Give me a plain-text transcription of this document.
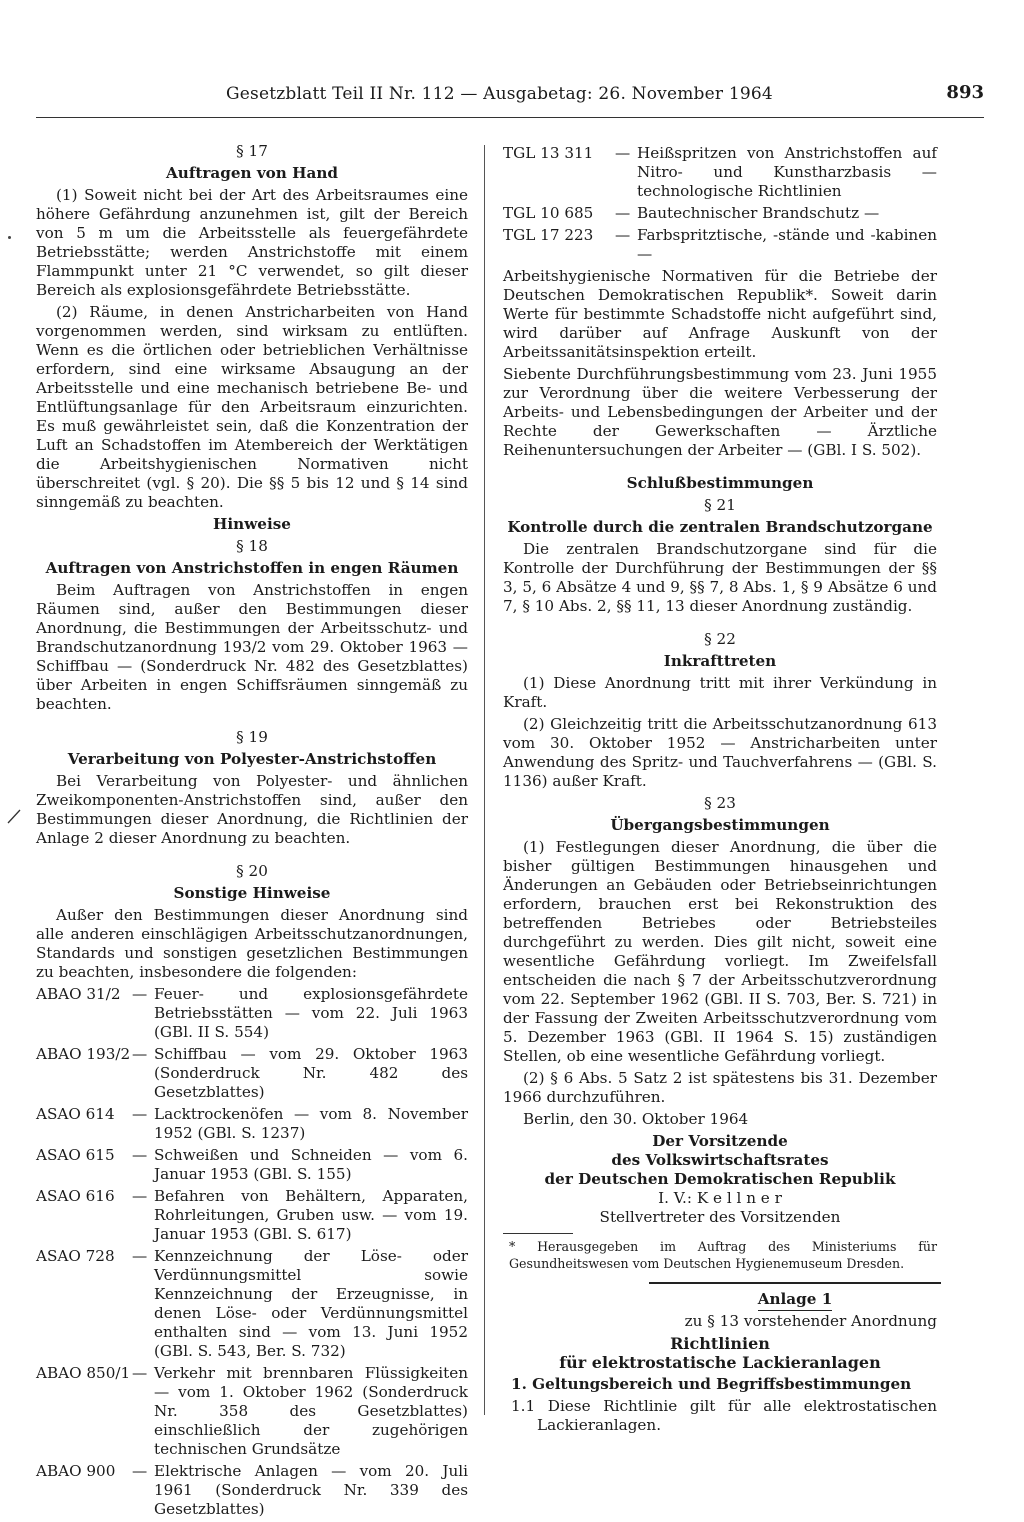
Gesetzblatt Teil II Nr. 112 — Ausgabetag: 26. November 1964	893

§ 17

Auftragen von Hand

(1) Soweit nicht bei der Art des Arbeitsraumes eine höhere Gefährdung anzunehmen ist, gilt der Bereich von 5 m um die Arbeitsstelle als feuergefährdete Betriebsstätte; werden Anstrichstoffe mit einem Flammpunkt unter 21 °C verwendet, so gilt dieser Bereich als explosionsgefährdete Betriebsstätte.

(2) Räume, in denen Anstricharbeiten von Hand vorgenommen werden, sind wirksam zu entlüften. Wenn es die örtlichen oder betrieblichen Verhältnisse erfordern, sind eine wirksame Absaugung an der Arbeitsstelle und eine mechanisch betriebene Be- und Entlüftungsanlage für den Arbeitsraum einzurichten. Es muß gewährleistet sein, daß die Konzentration der Luft an Schadstoffen im Atembereich der Werktätigen die Arbeitshygienischen Normativen nicht überschreitet (vgl. § 20). Die §§ 5 bis 12 und § 14 sind sinngemäß zu beachten.

Hinweise

§ 18

Auftragen von Anstrichstoffen in engen Räumen

Beim Auftragen von Anstrichstoffen in engen Räumen sind, außer den Bestimmungen dieser Anordnung, die Bestimmungen der Arbeitsschutz- und Brandschutzanordnung 193/2 vom 29. Oktober 1963 — Schiffbau — (Sonderdruck Nr. 482 des Gesetzblattes) über Arbeiten in engen Schiffsräumen sinngemäß zu beachten.

§ 19

Verarbeitung von Polyester-Anstrichstoffen

Bei Verarbeitung von Polyester- und ähnlichen Zweikomponenten-Anstrichstoffen sind, außer den Bestimmungen dieser Anordnung, die Richtlinien der Anlage 2 dieser Anordnung zu beachten.

§ 20

Sonstige Hinweise

Außer den Bestimmungen dieser Anordnung sind alle anderen einschlägigen Arbeitsschutzanordnungen, Standards und sonstigen gesetzlichen Bestimmungen zu beachten, insbesondere die folgenden:

ABAO 31/2	—	Feuer- und explosionsgefährdete Betriebsstätten — vom 22. Juli 1963 (GBl. II S. 554)
ABAO 193/2	—	Schiffbau — vom 29. Oktober 1963 (Sonderdruck Nr. 482 des Gesetzblattes)
ASAO 614	—	Lacktrockenöfen — vom 8. November 1952 (GBl. S. 1237)
ASAO 615	—	Schweißen und Schneiden — vom 6. Januar 1953 (GBl. S. 155)
ASAO 616	—	Befahren von Behältern, Apparaten, Rohrleitungen, Gruben usw. — vom 19. Januar 1953 (GBl. S. 617)
ASAO 728	—	Kennzeichnung der Löse- oder Verdünnungsmittel sowie Kennzeichnung der Erzeugnisse, in denen Löse- oder Verdünnungsmittel enthalten sind — vom 13. Juni 1952 (GBl. S. 543, Ber. S. 732)
ABAO 850/1	—	Verkehr mit brennbaren Flüssigkeiten — vom 1. Oktober 1962 (Sonderdruck Nr. 358 des Gesetzblattes) einschließlich der zugehörigen technischen Grundsätze
ABAO 900	—	Elektrische Anlagen — vom 20. Juli 1961 (Sonderdruck Nr. 339 des Gesetzblattes)
TGL 13 311	—	Heißspritzen von Anstrichstoffen auf Nitro- und Kunstharzbasis — technologische Richtlinien
TGL 10 685	—	Bautechnischer Brandschutz —
TGL 17 223	—	Farbspritztische, -stände und -kabinen —

Arbeitshygienische Normativen für die Betriebe der Deutschen Demokratischen Republik*. Soweit darin Werte für bestimmte Schadstoffe nicht aufgeführt sind, wird darüber auf Anfrage Auskunft von der Arbeitssanitätsinspektion erteilt.

Siebente Durchführungsbestimmung vom 23. Juni 1955 zur Verordnung über die weitere Verbesserung der Arbeits- und Lebensbedingungen der Arbeiter und der Rechte der Gewerkschaften — Ärztliche Reihenuntersuchungen der Arbeiter — (GBl. I S. 502).

Schlußbestimmungen

§ 21

Kontrolle durch die zentralen Brandschutzorgane

Die zentralen Brandschutzorgane sind für die Kontrolle der Durchführung der Bestimmungen der §§ 3, 5, 6 Absätze 4 und 9, §§ 7, 8 Abs. 1, § 9 Absätze 6 und 7, § 10 Abs. 2, §§ 11, 13 dieser Anordnung zuständig.

§ 22

Inkrafttreten

(1) Diese Anordnung tritt mit ihrer Verkündung in Kraft.

(2) Gleichzeitig tritt die Arbeitsschutzanordnung 613 vom 30. Oktober 1952 — Anstricharbeiten unter Anwendung des Spritz- und Tauchverfahrens — (GBl. S. 1136) außer Kraft.

§ 23

Übergangsbestimmungen

(1) Festlegungen dieser Anordnung, die über die bisher gültigen Bestimmungen hinausgehen und Änderungen an Gebäuden oder Betriebseinrichtungen erfordern, brauchen erst bei Rekonstruktion des betreffenden Betriebes oder Betriebsteiles durchgeführt zu werden. Dies gilt nicht, soweit eine wesentliche Gefährdung vorliegt. Im Zweifelsfall entscheiden die nach § 7 der Arbeitsschutzverordnung vom 22. September 1962 (GBl. II S. 703, Ber. S. 721) in der Fassung der Zweiten Arbeitsschutzverordnung vom 5. Dezember 1963 (GBl. II 1964 S. 15) zuständigen Stellen, ob eine wesentliche Gefährdung vorliegt.

(2) § 6 Abs. 5 Satz 2 ist spätestens bis 31. Dezember 1966 durchzuführen.

Berlin, den 30. Oktober 1964

Der Vorsitzende
des Volkswirtschaftsrates
der Deutschen Demokratischen Republik
I. V.: K e l l n e r
Stellvertreter des Vorsitzenden

* Herausgegeben im Auftrag des Ministeriums für Gesundheitswesen vom Deutschen Hygienemuseum Dresden.

Anlage 1

zu § 13 vorstehender Anordnung

Richtlinien

für elektrostatische Lackieranlagen

1. Geltungsbereich und Begriffsbestimmungen

1.1 Diese Richtlinie gilt für alle elektrostatischen Lackieranlagen.
